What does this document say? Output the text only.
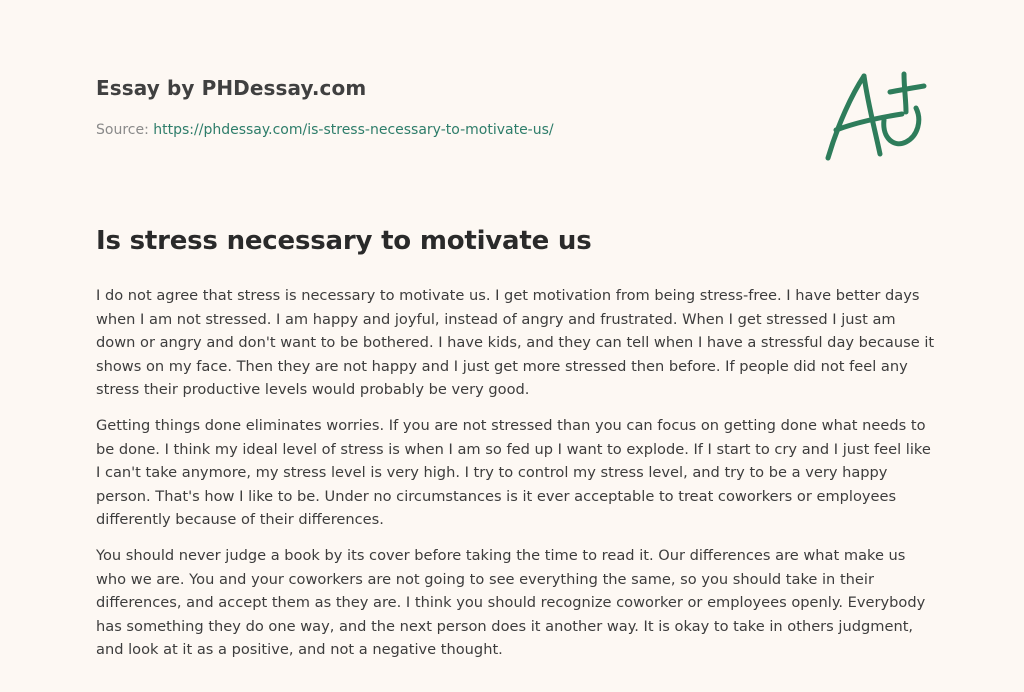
Essay by PHDessay.com
Source: https://phdessay.com/is-stress-necessary-to-motivate-us/
Is stress necessary to motivate us

I do not agree that stress is necessary to motivate us. I get motivation from being stress-free. I have better days when I am not stressed. I am happy and joyful, instead of angry and frustrated. When I get stressed I just am down or angry and don't want to be bothered. I have kids, and they can tell when I have a stressful day because it shows on my face. Then they are not happy and I just get more stressed then before. If people did not feel any stress their productive levels would probably be very good.

Getting things done eliminates worries. If you are not stressed than you can focus on getting done what needs to be done. I think my ideal level of stress is when I am so fed up I want to explode. If I start to cry and I just feel like I can't take anymore, my stress level is very high. I try to control my stress level, and try to be a very happy person. That's how I like to be. Under no circumstances is it ever acceptable to treat coworkers or employees differently because of their differences.

You should never judge a book by its cover before taking the time to read it. Our differences are what make us who we are. You and your coworkers are not going to see everything the same, so you should take in their differences, and accept them as they are. I think you should recognize coworker or employees openly. Everybody has something they do one way, and the next person does it another way. It is okay to take in others judgment, and look at it as a positive, and not a negative thought.
